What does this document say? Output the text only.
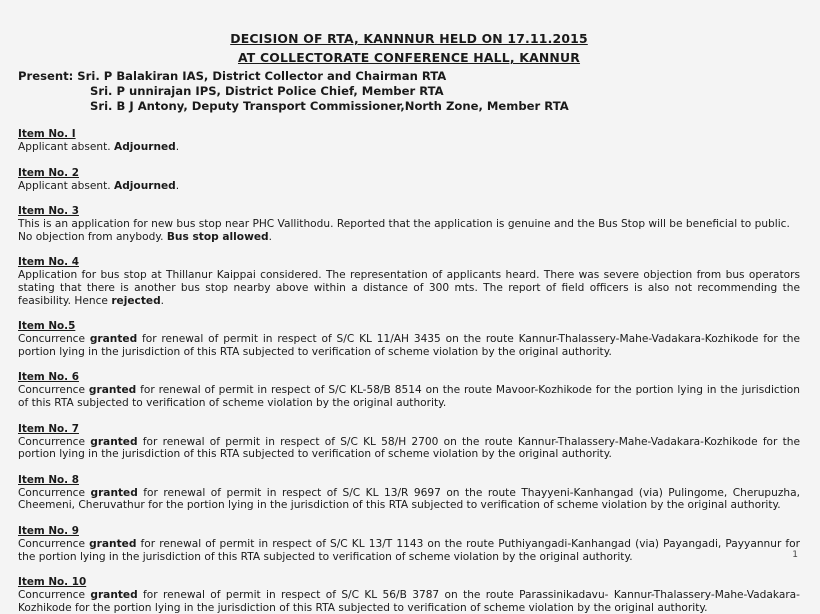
DECISION OF RTA, KANNNUR HELD ON 17.11.2015
AT COLLECTORATE CONFERENCE HALL, KANNUR
Present: Sri. P Balakiran IAS, District Collector and Chairman RTA
Sri. P unnirajan IPS, District Police Chief, Member RTA
Sri. B J Antony, Deputy Transport Commissioner,North Zone, Member RTA
Item No. I

Applicant absent. Adjourned.

Item No. 2

Applicant absent. Adjourned.

Item No. 3

This is an application for new bus stop near PHC Vallithodu. Reported that the application is genuine and the Bus Stop will be beneficial to public. No objection from anybody. Bus stop allowed.

Item No. 4

Application for bus stop at Thillanur Kaippai considered. The representation of applicants heard. There was severe objection from bus operators stating that there is another bus stop nearby above within a distance of 300 mts. The report of field officers is also not recommending the feasibility. Hence rejected.

Item No.5

Concurrence granted for renewal of permit in respect of S/C KL 11/AH 3435 on the route Kannur-Thalassery-Mahe-Vadakara-Kozhikode for the portion lying in the jurisdiction of this RTA subjected to verification of scheme violation by the original authority.

Item No. 6

Concurrence granted for renewal of permit in respect of S/C KL-58/B 8514 on the route Mavoor-Kozhikode for the portion lying in the jurisdiction of this RTA subjected to verification of scheme violation by the original authority.

Item No. 7

Concurrence granted for renewal of permit in respect of S/C KL 58/H 2700 on the route Kannur-Thalassery-Mahe-Vadakara-Kozhikode for the portion lying in the jurisdiction of this RTA subjected to verification of scheme violation by the original authority.

Item No. 8

Concurrence granted for renewal of permit in respect of S/C KL 13/R 9697 on the route Thayyeni-Kanhangad (via) Pulingome, Cherupuzha, Cheemeni, Cheruvathur for the portion lying in the jurisdiction of this RTA subjected to verification of scheme violation by the original authority.

Item No. 9

Concurrence granted for renewal of permit in respect of S/C KL 13/T 1143 on the route Puthiyangadi-Kanhangad (via) Payangadi, Payyannur for the portion lying in the jurisdiction of this RTA subjected to verification of scheme violation by the original authority.

Item No. 10

Concurrence granted for renewal of permit in respect of S/C KL 56/B 3787 on the route Parassinikadavu- Kannur-Thalassery-Mahe-Vadakara-Kozhikode for the portion lying in the jurisdiction of this RTA subjected to verification of scheme violation by the original authority.

1
